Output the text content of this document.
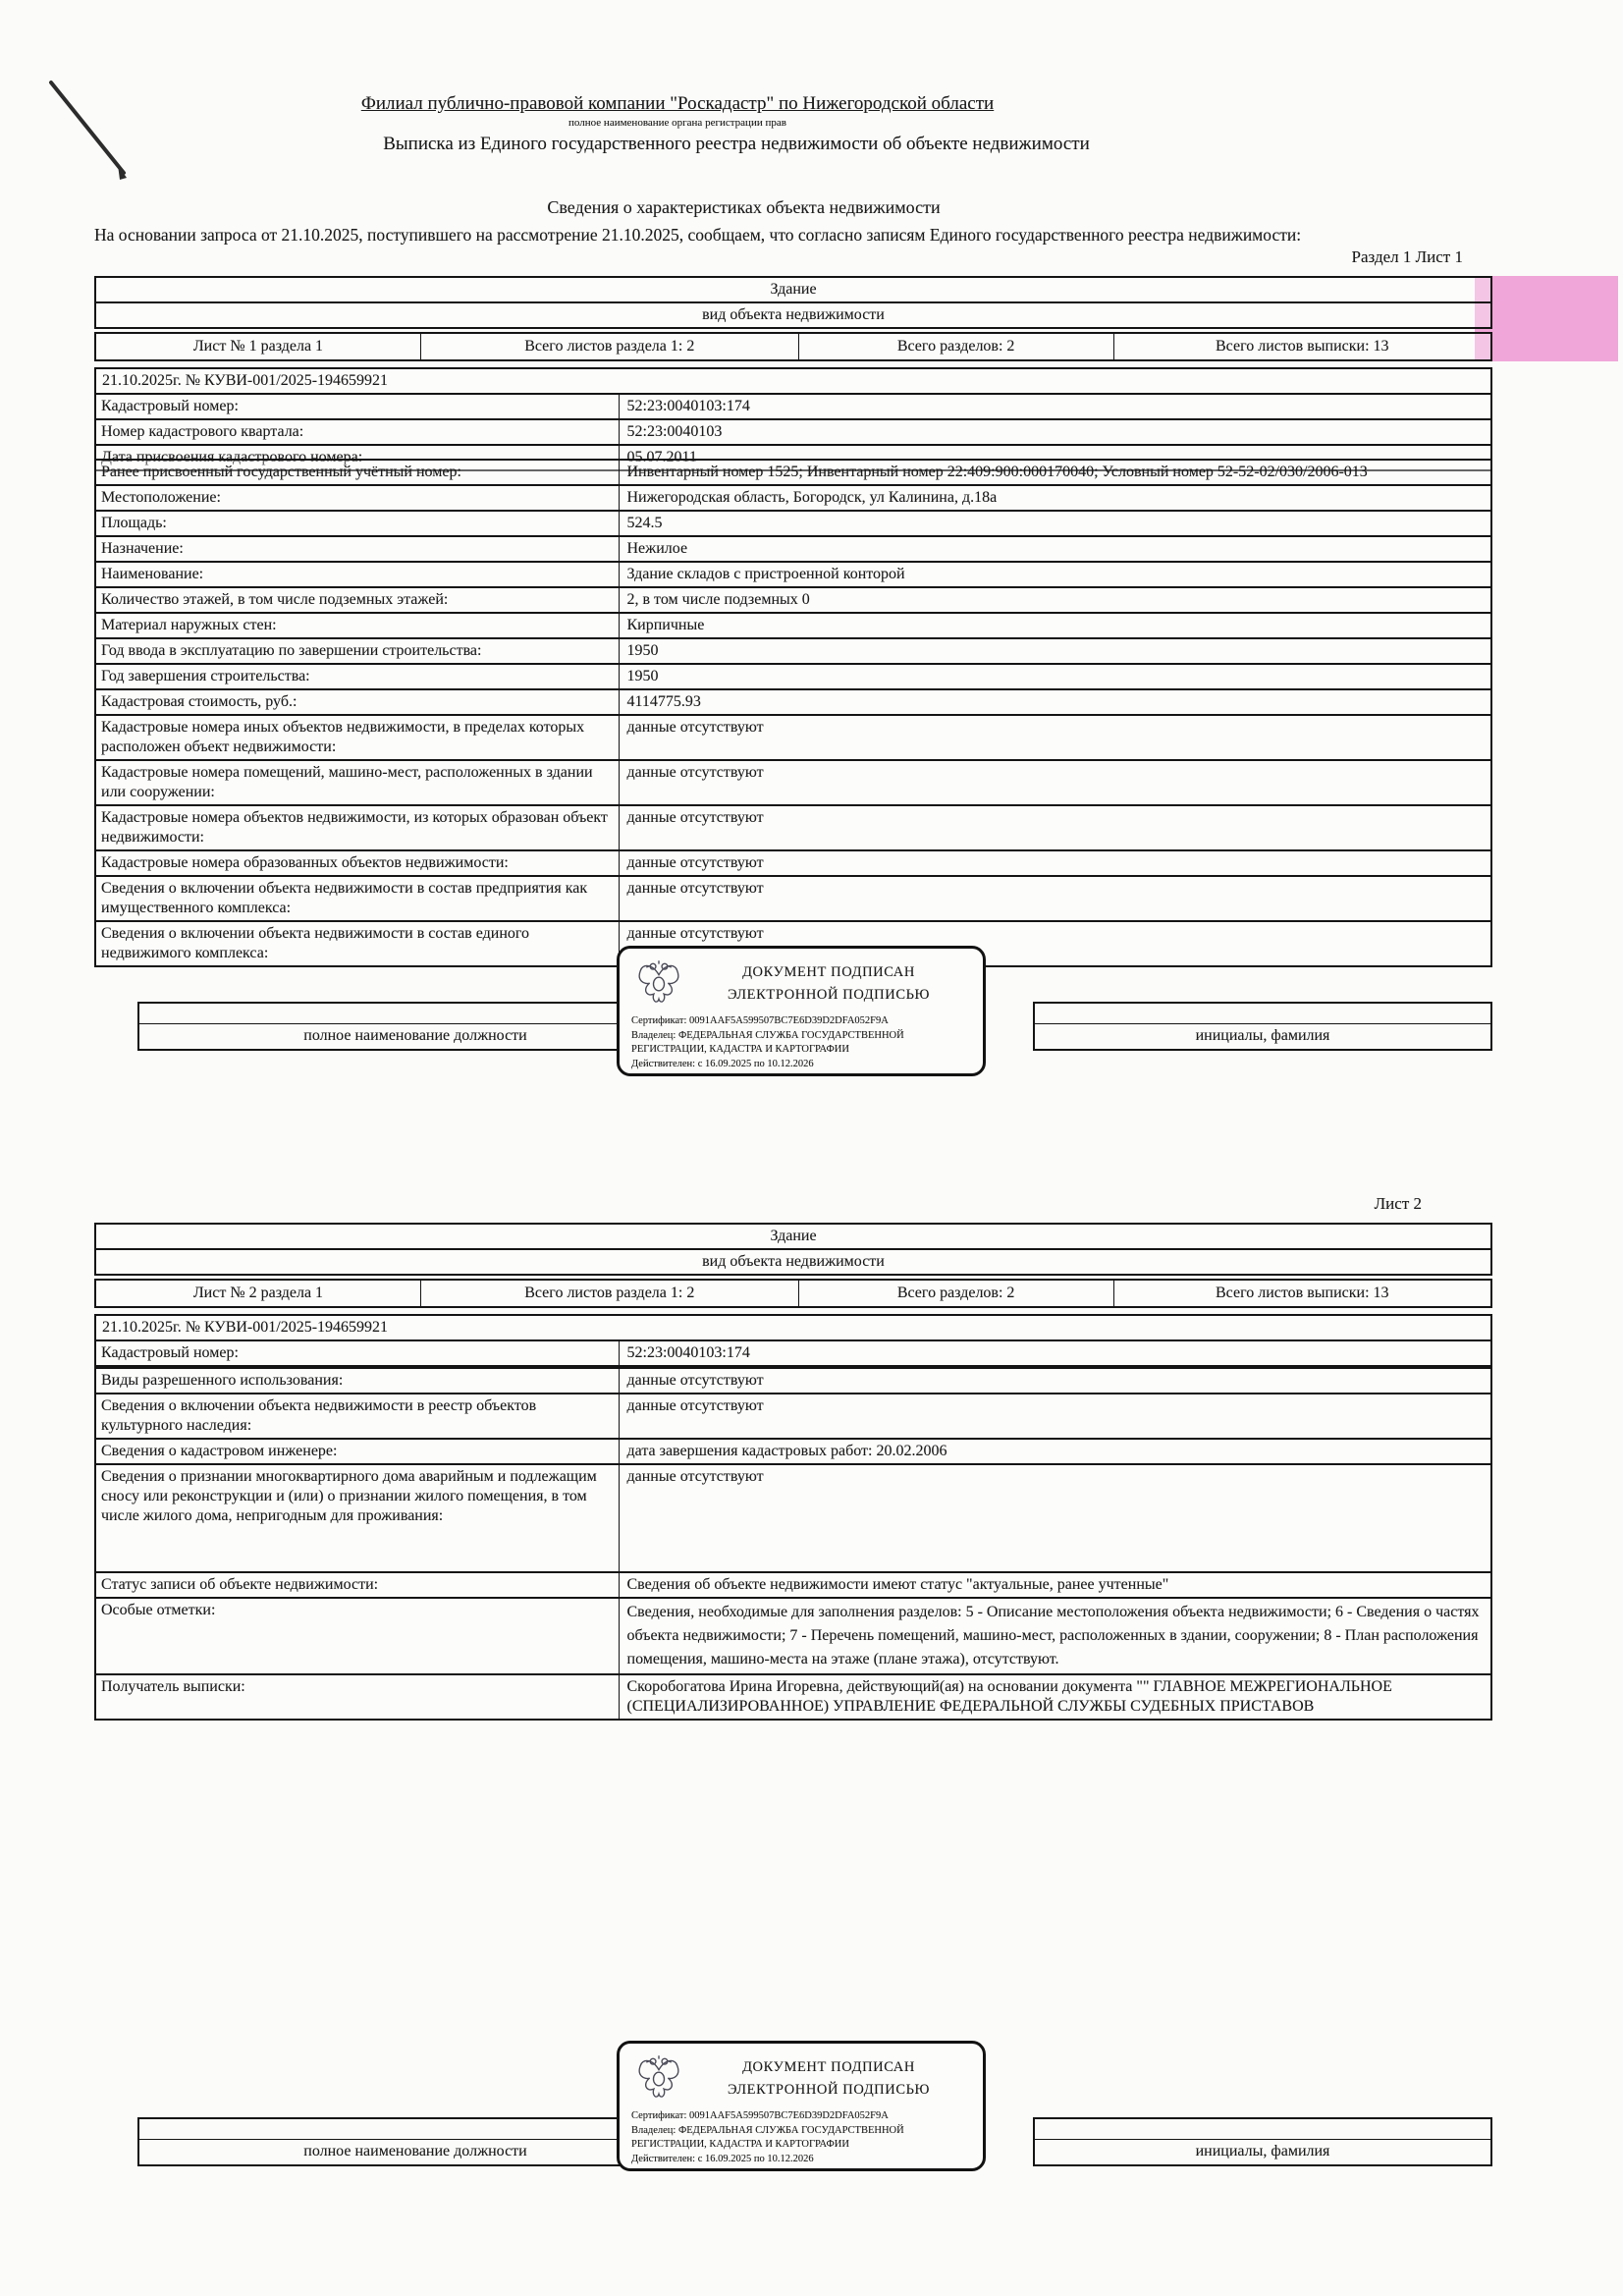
Филиал публично-правовой компании "Роскадастр" по Нижегородской области
полное наименование органа регистрации прав
Выписка из Единого государственного реестра недвижимости об объекте недвижимости
Сведения о характеристиках объекта недвижимости
На основании запроса от 21.10.2025, поступившего на рассмотрение 21.10.2025, сообщаем, что согласно записям Единого государственного реестра недвижимости:
Раздел 1 Лист 1
Здание
вид объекта недвижимости
Лист № 1 раздела 1	Всего листов раздела 1: 2	Всего разделов: 2	Всего листов выписки: 13
21.10.2025г. № КУВИ-001/2025-194659921
Кадастровый номер:	52:23:0040103:174
Номер кадастрового квартала:	52:23:0040103
Дата присвоения кадастрового номера:	05.07.2011
Ранее присвоенный государственный учётный номер:	Инвентарный номер 1525; Инвентарный номер 22:409:900:000170040; Условный номер 52-52-02/030/2006-013
Местоположение:	Нижегородская область, Богородск, ул Калинина, д.18а
Площадь:	524.5
Назначение:	Нежилое
Наименование:	Здание складов с пристроенной конторой
Количество этажей, в том числе подземных этажей:	2, в том числе подземных 0
Материал наружных стен:	Кирпичные
Год ввода в эксплуатацию по завершении строительства:	1950
Год завершения строительства:	1950
Кадастровая стоимость, руб.:	4114775.93
Кадастровые номера иных объектов недвижимости, в пределах которых расположен объект недвижимости:
данные отсутствуют
Кадастровые номера помещений, машино-мест, расположенных в здании или сооружении:
данные отсутствуют
Кадастровые номера объектов недвижимости, из которых образован объект недвижимости:
данные отсутствуют
Кадастровые номера образованных объектов недвижимости:	данные отсутствуют
Сведения о включении объекта недвижимости в состав предприятия как имущественного комплекса:
данные отсутствуют
Сведения о включении объекта недвижимости в состав единого недвижимого комплекса:
данные отсутствуют
полное наименование должности	инициалы, фамилия
ДОКУМЕНТ ПОДПИСАН
ЭЛЕКТРОННОЙ ПОДПИСЬЮ
Сертификат: 0091AAF5A599507BC7E6D39D2DFA052F9A
Владелец: ФЕДЕРАЛЬНАЯ СЛУЖБА ГОСУДАРСТВЕННОЙ РЕГИСТРАЦИИ, КАДАСТРА И КАРТОГРАФИИ
Действителен: с 16.09.2025 по 10.12.2026
Лист 2
Здание
вид объекта недвижимости
Лист № 2 раздела 1	Всего листов раздела 1: 2	Всего разделов: 2	Всего листов выписки: 13
21.10.2025г. № КУВИ-001/2025-194659921
Кадастровый номер:	52:23:0040103:174
Виды разрешенного использования:	данные отсутствуют
Сведения о включении объекта недвижимости в реестр объектов культурного наследия:
данные отсутствуют
Сведения о кадастровом инженере:	дата завершения кадастровых работ: 20.02.2006
Сведения о признании многоквартирного дома аварийным и подлежащим сносу или реконструкции и (или) о признании жилого помещения, в том числе жилого дома, непригодным для проживания:
данные отсутствуют
Статус записи об объекте недвижимости:	Сведения об объекте недвижимости имеют статус "актуальные, ранее учтенные"
Особые отметки:	Сведения, необходимые для заполнения разделов: 5 - Описание местоположения объекта недвижимости; 6 - Сведения о частях объекта недвижимости; 7 - Перечень помещений, машино-мест, расположенных в здании, сооружении; 8 - План расположения помещения, машино-места на этаже (плане этажа), отсутствуют.
Получатель выписки:	Скоробогатова Ирина Игоревна, действующий(ая) на основании документа "" ГЛАВНОЕ МЕЖРЕГИОНАЛЬНОЕ (СПЕЦИАЛИЗИРОВАННОЕ) УПРАВЛЕНИЕ ФЕДЕРАЛЬНОЙ СЛУЖБЫ СУДЕБНЫХ ПРИСТАВОВ
полное наименование должности	инициалы, фамилия
ДОКУМЕНТ ПОДПИСАН
ЭЛЕКТРОННОЙ ПОДПИСЬЮ
Сертификат: 0091AAF5A599507BC7E6D39D2DFA052F9A
Владелец: ФЕДЕРАЛЬНАЯ СЛУЖБА ГОСУДАРСТВЕННОЙ РЕГИСТРАЦИИ, КАДАСТРА И КАРТОГРАФИИ
Действителен: с 16.09.2025 по 10.12.2026
